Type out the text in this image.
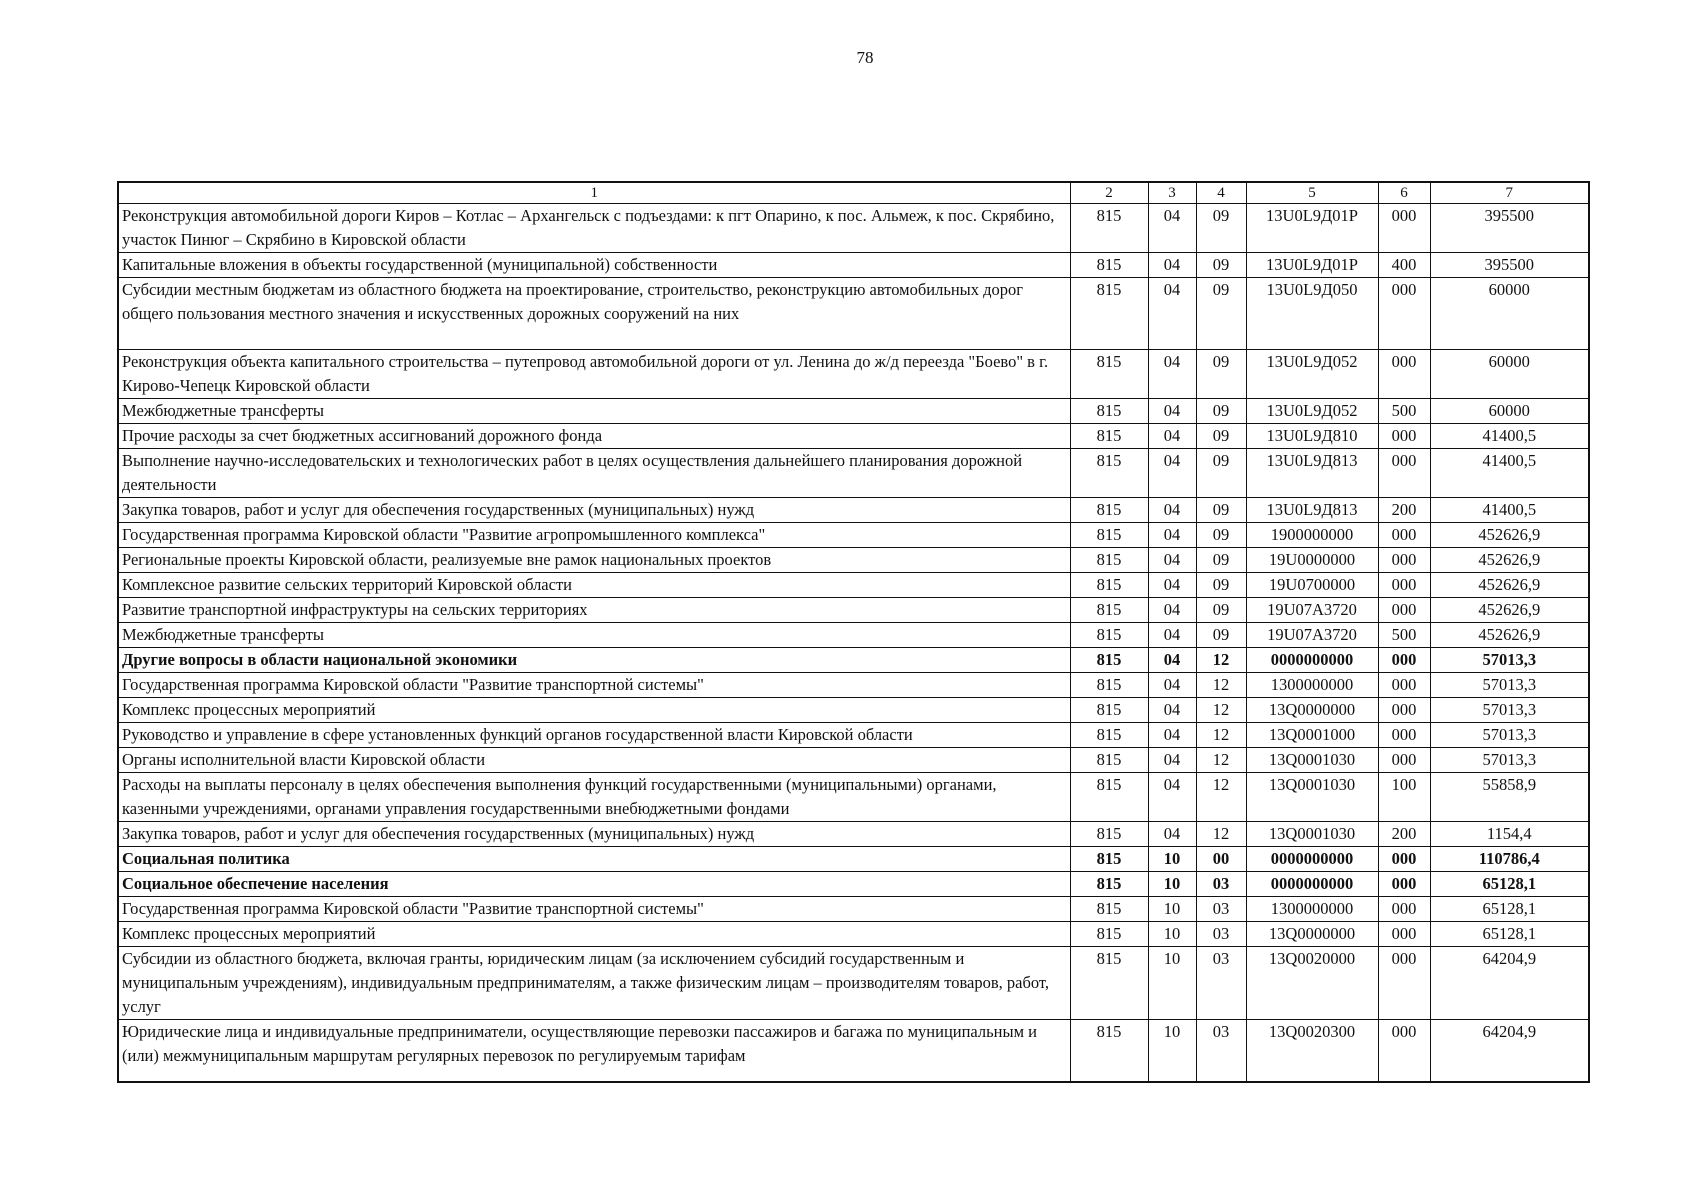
78
1	2	3	4	5	6	7
Реконструкция автомобильной дороги Киров – Котлас – Архангельск с подъездами: к пгт Опарино, к пос. Альмеж, к пос. Скрябино, участок Пинюг – Скрябино в Кировской области	815	04	09	13U0L9Д01P	000	395500
Капитальные вложения в объекты государственной (муниципальной) собственности	815	04	09	13U0L9Д01P	400	395500
Субсидии местным бюджетам из областного бюджета на проектирование, строительство, реконструкцию автомобильных дорог общего пользования местного значения и искусственных дорожных сооружений на них	815	04	09	13U0L9Д050	000	60000
Реконструкция объекта капитального строительства – путепровод автомобильной дороги от ул. Ленина до ж/д переезда "Боево" в г. Кирово-Чепецк Кировской области	815	04	09	13U0L9Д052	000	60000
Межбюджетные трансферты	815	04	09	13U0L9Д052	500	60000
Прочие расходы за счет бюджетных ассигнований дорожного фонда	815	04	09	13U0L9Д810	000	41400,5
Выполнение научно-исследовательских и технологических работ в целях осуществления дальнейшего планирования дорожной деятельности	815	04	09	13U0L9Д813	000	41400,5
Закупка товаров, работ и услуг для обеспечения государственных (муниципальных) нужд	815	04	09	13U0L9Д813	200	41400,5
Государственная программа Кировской области "Развитие агропромышленного комплекса"	815	04	09	1900000000	000	452626,9
Региональные проекты Кировской области, реализуемые вне рамок национальных проектов	815	04	09	19U0000000	000	452626,9
Комплексное развитие сельских территорий Кировской области	815	04	09	19U0700000	000	452626,9
Развитие транспортной инфраструктуры на сельских территориях	815	04	09	19U07A3720	000	452626,9
Межбюджетные трансферты	815	04	09	19U07A3720	500	452626,9
Другие вопросы в области национальной экономики	815	04	12	0000000000	000	57013,3
Государственная программа Кировской области "Развитие транспортной системы"	815	04	12	1300000000	000	57013,3
Комплекс процессных мероприятий	815	04	12	13Q0000000	000	57013,3
Руководство и управление в сфере установленных функций органов государственной власти Кировской области	815	04	12	13Q0001000	000	57013,3
Органы исполнительной власти Кировской области	815	04	12	13Q0001030	000	57013,3
Расходы на выплаты персоналу в целях обеспечения выполнения функций государственными (муниципальными) органами, казенными учреждениями, органами управления государственными внебюджетными фондами	815	04	12	13Q0001030	100	55858,9
Закупка товаров, работ и услуг для обеспечения государственных (муниципальных) нужд	815	04	12	13Q0001030	200	1154,4
Социальная политика	815	10	00	0000000000	000	110786,4
Социальное обеспечение населения	815	10	03	0000000000	000	65128,1
Государственная программа Кировской области "Развитие транспортной системы"	815	10	03	1300000000	000	65128,1
Комплекс процессных мероприятий	815	10	03	13Q0000000	000	65128,1
Субсидии из областного бюджета, включая гранты, юридическим лицам (за исключением субсидий государственным и муниципальным учреждениям), индивидуальным предпринимателям, а также физическим лицам – производителям товаров, работ, услуг	815	10	03	13Q0020000	000	64204,9
Юридические лица и индивидуальные предприниматели, осуществляющие перевозки пассажиров и багажа по муниципальным и (или) межмуниципальным маршрутам регулярных перевозок по регулируемым тарифам	815	10	03	13Q0020300	000	64204,9
